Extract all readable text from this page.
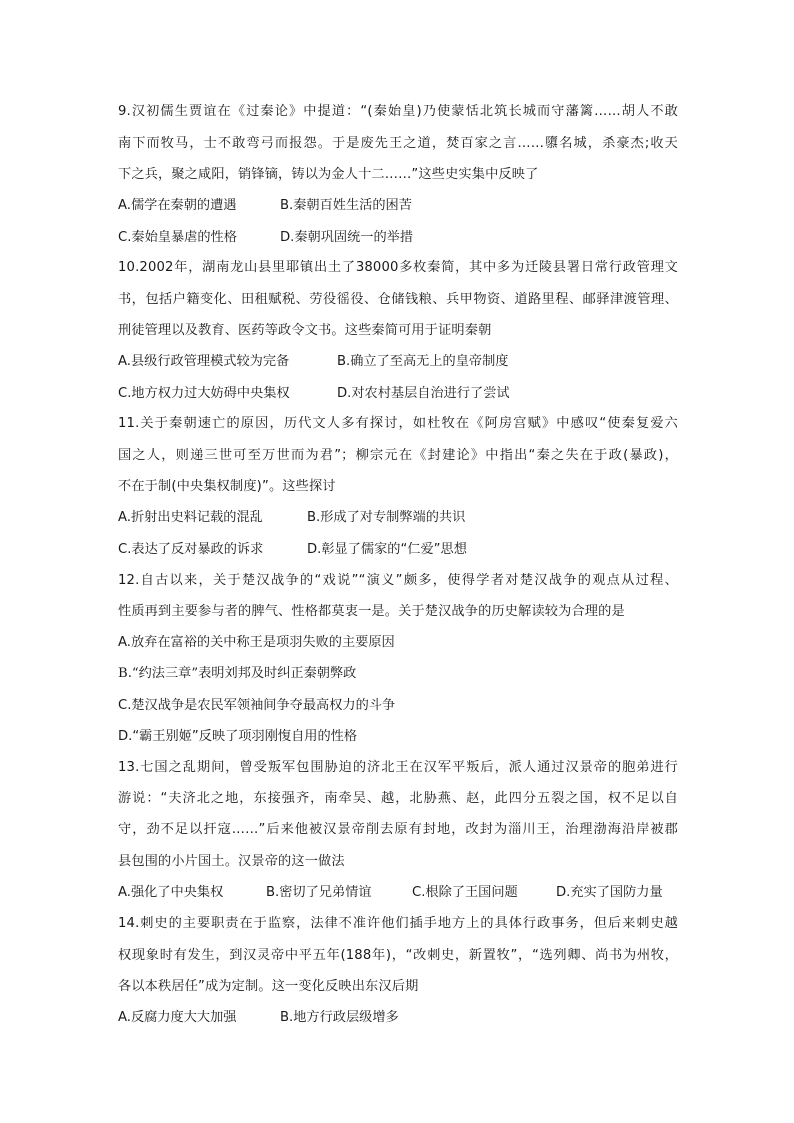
9.汉初儒生贾谊在《过秦论》中提道：“(秦始皇)乃使蒙恬北筑长城而守藩篱……胡人不敢
南下而牧马，士不敢弯弓而报怨。于是废先王之道，焚百家之言……隳名城，杀豪杰;收天
下之兵，聚之咸阳，销锋镝，铸以为金人十二……”这些史实集中反映了
A.儒学在秦朝的遭遇	B.秦朝百姓生活的困苦
C.秦始皇暴虐的性格	D.秦朝巩固统一的举措
10.2002年，湖南龙山县里耶镇出土了38000多枚秦简，其中多为迁陵县署日常行政管理文
书，包括户籍变化、田租赋税、劳役徭役、仓储钱粮、兵甲物资、道路里程、邮驿津渡管理、
刑徒管理以及教育、医药等政令文书。这些秦简可用于证明秦朝
A.县级行政管理模式较为完备	B.确立了至高无上的皇帝制度
C.地方权力过大妨碍中央集权	D.对农村基层自治进行了尝试
11.关于秦朝速亡的原因，历代文人多有探讨，如杜牧在《阿房宫赋》中感叹“使秦复爱六
国之人，则递三世可至万世而为君”；柳宗元在《封建论》中指出“秦之失在于政(暴政)，
不在于制(中央集权制度)”。这些探讨
A.折射出史料记载的混乱	B.形成了对专制弊端的共识
C.表达了反对暴政的诉求	D.彰显了儒家的“仁爱”思想
12.自古以来，关于楚汉战争的“戏说”“演义”颇多，使得学者对楚汉战争的观点从过程、
性质再到主要参与者的脾气、性格都莫衷一是。关于楚汉战争的历史解读较为合理的是
A.放弃在富裕的关中称王是项羽失败的主要原因
B.“约法三章”表明刘邦及时纠正秦朝弊政
C.楚汉战争是农民军领袖间争夺最高权力的斗争
D.“霸王别姬”反映了项羽刚愎自用的性格
13.七国之乱期间，曾受叛军包围胁迫的济北王在汉军平叛后，派人通过汉景帝的胞弟进行
游说：“夫济北之地，东接强齐，南牵吴、越，北胁燕、赵，此四分五裂之国，权不足以自
守，劲不足以扞寇……”后来他被汉景帝削去原有封地，改封为淄川王，治理渤海沿岸被郡
县包围的小片国土。汉景帝的这一做法
A.强化了中央集权	B.密切了兄弟情谊	C.根除了王国问题	D.充实了国防力量
14.刺史的主要职责在于监察，法律不准许他们插手地方上的具体行政事务，但后来刺史越
权现象时有发生，到汉灵帝中平五年(188年)，“改刺史，新置牧”，“选列卿、尚书为州牧，
各以本秩居任”成为定制。这一变化反映出东汉后期
A.反腐力度大大加强	B.地方行政层级增多
